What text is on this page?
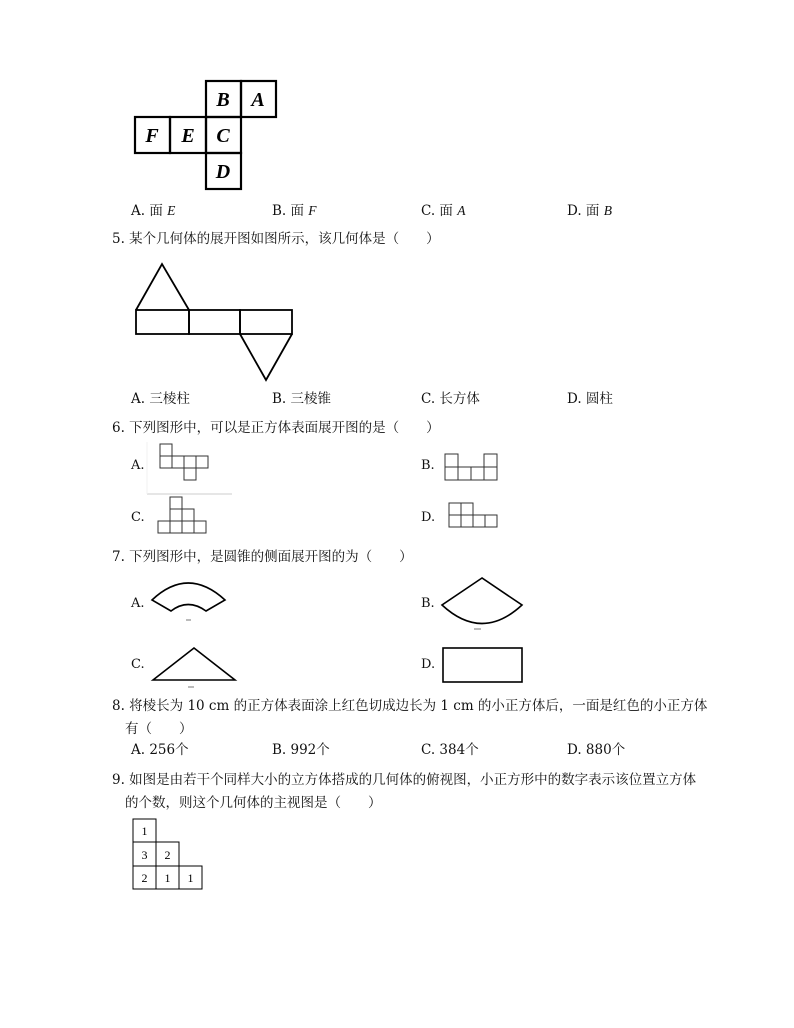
B A
F E C
D
A. 面 E	B. 面 F	C. 面 A	D. 面 B
5. 某个几何体的展开图如图所示，该几何体是（　　）
A. 三棱柱	B. 三棱锥	C. 长方体	D. 圆柱
6. 下列图形中，可以是正方体表面展开图的是（　　）
A.	B.
C.	D.
7. 下列图形中，是圆锥的侧面展开图的为（　　）
A.	B.
C.	D.
8. 将棱长为 10 cm 的正方体表面涂上红色切成边长为 1 cm 的小正方体后，一面是红色的小正方体
有（　　）
A. 256个	B. 992个	C. 384个	D. 880个
9. 如图是由若干个同样大小的立方体搭成的几何体的俯视图，小正方形中的数字表示该位置立方体
的个数，则这个几何体的主视图是（　　）
1
3 2
2 1 1
